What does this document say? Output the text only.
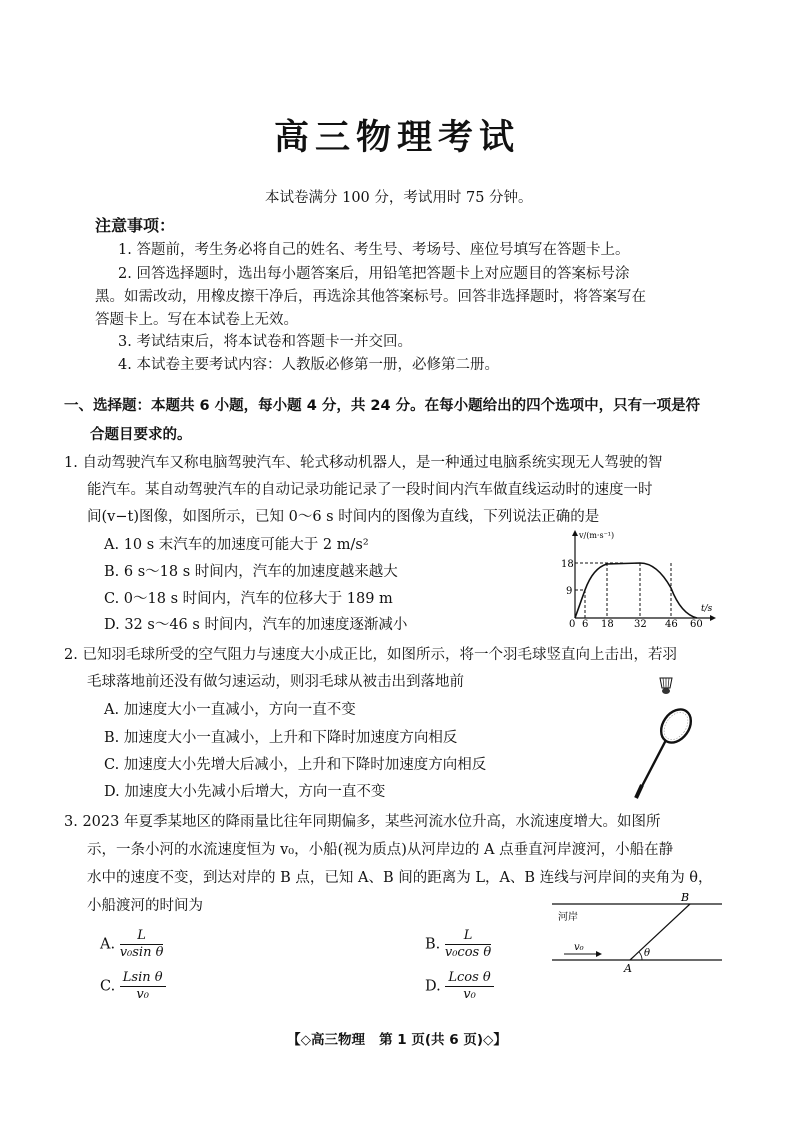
高三物理考试
本试卷满分 100 分，考试用时 75 分钟。
注意事项：
1. 答题前，考生务必将自己的姓名、考生号、考场号、座位号填写在答题卡上。
2. 回答选择题时，选出每小题答案后，用铅笔把答题卡上对应题目的答案标号涂
黑。如需改动，用橡皮擦干净后，再选涂其他答案标号。回答非选择题时，将答案写在
答题卡上。写在本试卷上无效。
3. 考试结束后，将本试卷和答题卡一并交回。
4. 本试卷主要考试内容：人教版必修第一册，必修第二册。
一、选择题：本题共 6 小题，每小题 4 分，共 24 分。在每小题给出的四个选项中，只有一项是符
合题目要求的。
1. 自动驾驶汽车又称电脑驾驶汽车、轮式移动机器人，是一种通过电脑系统实现无人驾驶的智
能汽车。某自动驾驶汽车的自动记录功能记录了一段时间内汽车做直线运动时的速度一时
间(v−t)图像，如图所示，已知 0～6 s 时间内的图像为直线，下列说法正确的是
A. 10 s 末汽车的加速度可能大于 2 m/s²
B. 6 s～18 s 时间内，汽车的加速度越来越大
C. 0～18 s 时间内，汽车的位移大于 189 m
D. 32 s～46 s 时间内，汽车的加速度逐渐减小
v/(m·s⁻¹)
t/s
18
9
0 6 18 32 46 60
2. 已知羽毛球所受的空气阻力与速度大小成正比，如图所示，将一个羽毛球竖直向上击出，若羽
毛球落地前还没有做匀速运动，则羽毛球从被击出到落地前
A. 加速度大小一直减小，方向一直不变
B. 加速度大小一直减小，上升和下降时加速度方向相反
C. 加速度大小先增大后减小，上升和下降时加速度方向相反
D. 加速度大小先减小后增大，方向一直不变
3. 2023 年夏季某地区的降雨量比往年同期偏多，某些河流水位升高，水流速度增大。如图所
示，一条小河的水流速度恒为 v₀，小船(视为质点)从河岸边的 A 点垂直河岸渡河，小船在静
水中的速度不变，到达对岸的 B 点，已知 A、B 间的距离为 L，A、B 连线与河岸间的夹角为 θ，
小船渡河的时间为
A. $\frac{L}{\text{v₀sin θ}}$	B. $\frac{L}{\text{v₀cos θ}}$
C. $\frac{\text{Lsin θ}}{\text{v₀}}$	D. $\frac{\text{Lcos θ}}{\text{v₀}}$
河岸
B
A
v₀
θ
【◇高三物理   第 1 页(共 6 页)◇】
